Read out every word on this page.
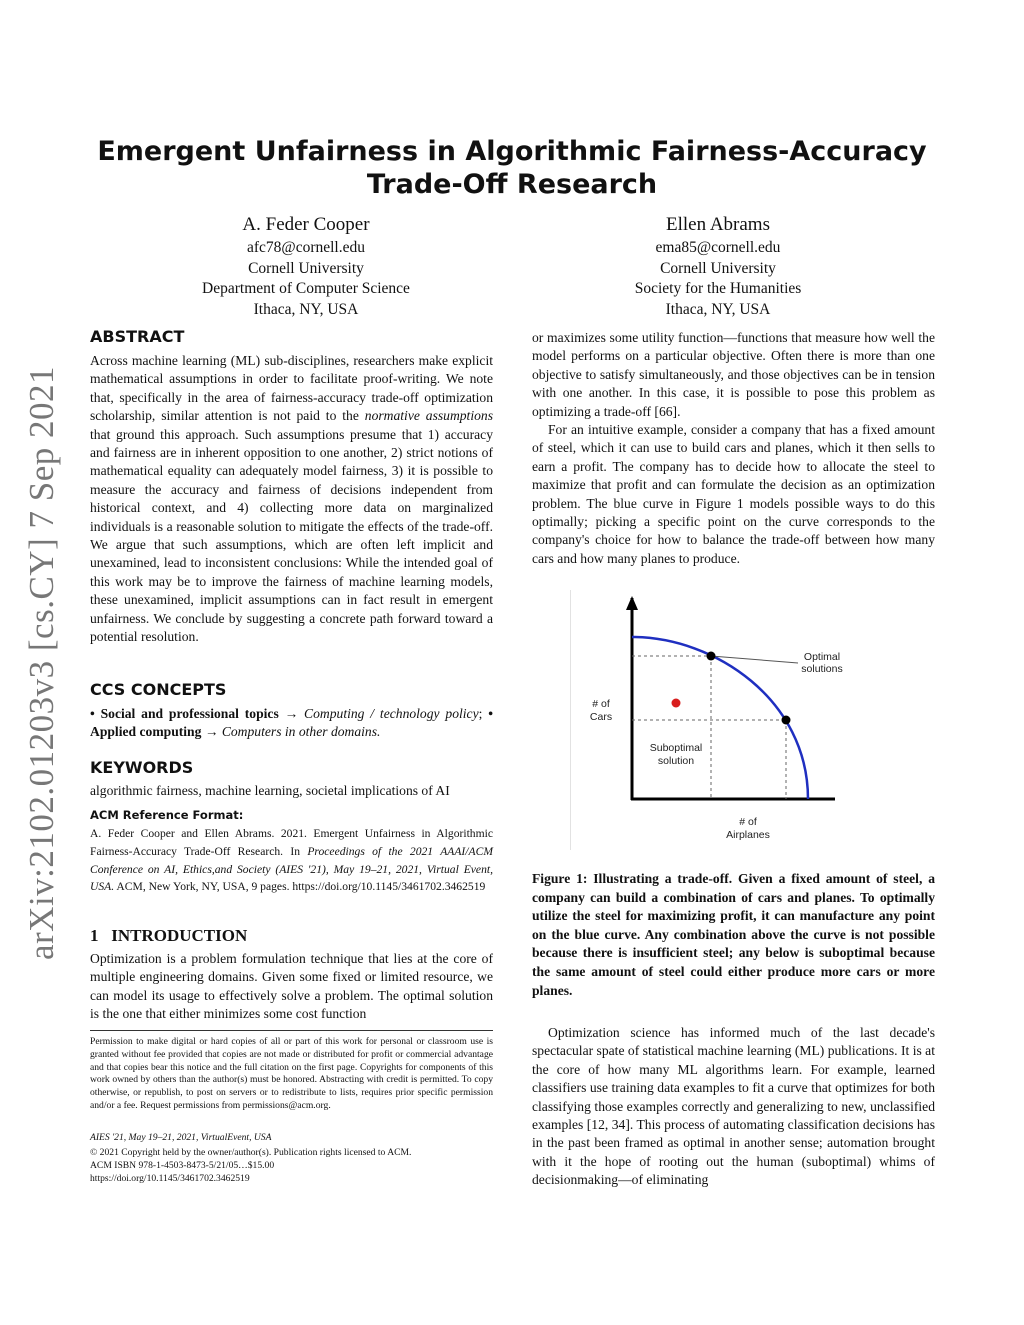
Emergent Unfairness in Algorithmic Fairness-Accuracy
Trade-Off Research
A. Feder Cooper
afc78@cornell.edu
Cornell University
Department of Computer Science
Ithaca, NY, USA
Ellen Abrams
ema85@cornell.edu
Cornell University
Society for the Humanities
Ithaca, NY, USA
arXiv:2102.01203v3 [cs.CY] 7 Sep 2021
ABSTRACT
Across machine learning (ML) sub-disciplines, researchers make explicit mathematical assumptions in order to facilitate proof-writing. We note that, specifically in the area of fairness-accuracy trade-off optimization scholarship, similar attention is not paid to the normative assumptions that ground this approach. Such assumptions presume that 1) accuracy and fairness are in inherent opposition to one another, 2) strict notions of mathematical equality can adequately model fairness, 3) it is possible to measure the accuracy and fairness of decisions independent from historical context, and 4) collecting more data on marginalized individuals is a reasonable solution to mitigate the effects of the trade-off. We argue that such assumptions, which are often left implicit and unexamined, lead to inconsistent conclusions: While the intended goal of this work may be to improve the fairness of machine learning models, these unexamined, implicit assumptions can in fact result in emergent unfairness. We conclude by suggesting a concrete path forward toward a potential resolution.
CCS CONCEPTS
• Social and professional topics → Computing / technology policy; • Applied computing → Computers in other domains.
KEYWORDS
algorithmic fairness, machine learning, societal implications of AI
ACM Reference Format:
A. Feder Cooper and Ellen Abrams. 2021. Emergent Unfairness in Algorithmic Fairness-Accuracy Trade-Off Research. In Proceedings of the 2021 AAAI/ACM Conference on AI, Ethics,and Society (AIES '21), May 19–21, 2021, Virtual Event, USA. ACM, New York, NY, USA, 9 pages. https://doi.org/10.1145/3461702.3462519
1 INTRODUCTION
Optimization is a problem formulation technique that lies at the core of multiple engineering domains. Given some fixed or limited resource, we can model its usage to effectively solve a problem. The optimal solution is the one that either minimizes some cost function
Permission to make digital or hard copies of all or part of this work for personal or classroom use is granted without fee provided that copies are not made or distributed for profit or commercial advantage and that copies bear this notice and the full citation on the first page. Copyrights for components of this work owned by others than the author(s) must be honored. Abstracting with credit is permitted. To copy otherwise, or republish, to post on servers or to redistribute to lists, requires prior specific permission and/or a fee. Request permissions from permissions@acm.org.
AIES '21, May 19–21, 2021, VirtualEvent, USA
© 2021 Copyright held by the owner/author(s). Publication rights licensed to ACM.
ACM ISBN 978-1-4503-8473-5/21/05…$15.00
https://doi.org/10.1145/3461702.3462519
or maximizes some utility function—functions that measure how well the model performs on a particular objective. Often there is more than one objective to satisfy simultaneously, and those objectives can be in tension with one another. In this case, it is possible to pose this problem as optimizing a trade-off [66].
For an intuitive example, consider a company that has a fixed amount of steel, which it can use to build cars and planes, which it then sells to earn a profit. The company has to decide how to allocate the steel to maximize that profit and can formulate the decision as an optimization problem. The blue curve in Figure 1 models possible ways to do this optimally; picking a specific point on the curve corresponds to the company's choice for how to balance the trade-off between how many cars and how many planes to produce.
# of
Cars
# of
Airplanes
Optimal
solutions
Suboptimal
solution
Figure 1: Illustrating a trade-off. Given a fixed amount of steel, a company can build a combination of cars and planes. To optimally utilize the steel for maximizing profit, it can manufacture any point on the blue curve. Any combination above the curve is not possible because there is insufficient steel; any below is suboptimal because the same amount of steel could either produce more cars or more planes.
Optimization science has informed much of the last decade's spectacular spate of statistical machine learning (ML) publications. It is at the core of how many ML algorithms learn. For example, learned classifiers use training data examples to fit a curve that optimizes for both classifying those examples correctly and generalizing to new, unclassified examples [12, 34]. This process of automating classification decisions has in the past been framed as optimal in another sense; automation brought with it the hope of rooting out the human (suboptimal) whims of decisionmaking—of eliminating
